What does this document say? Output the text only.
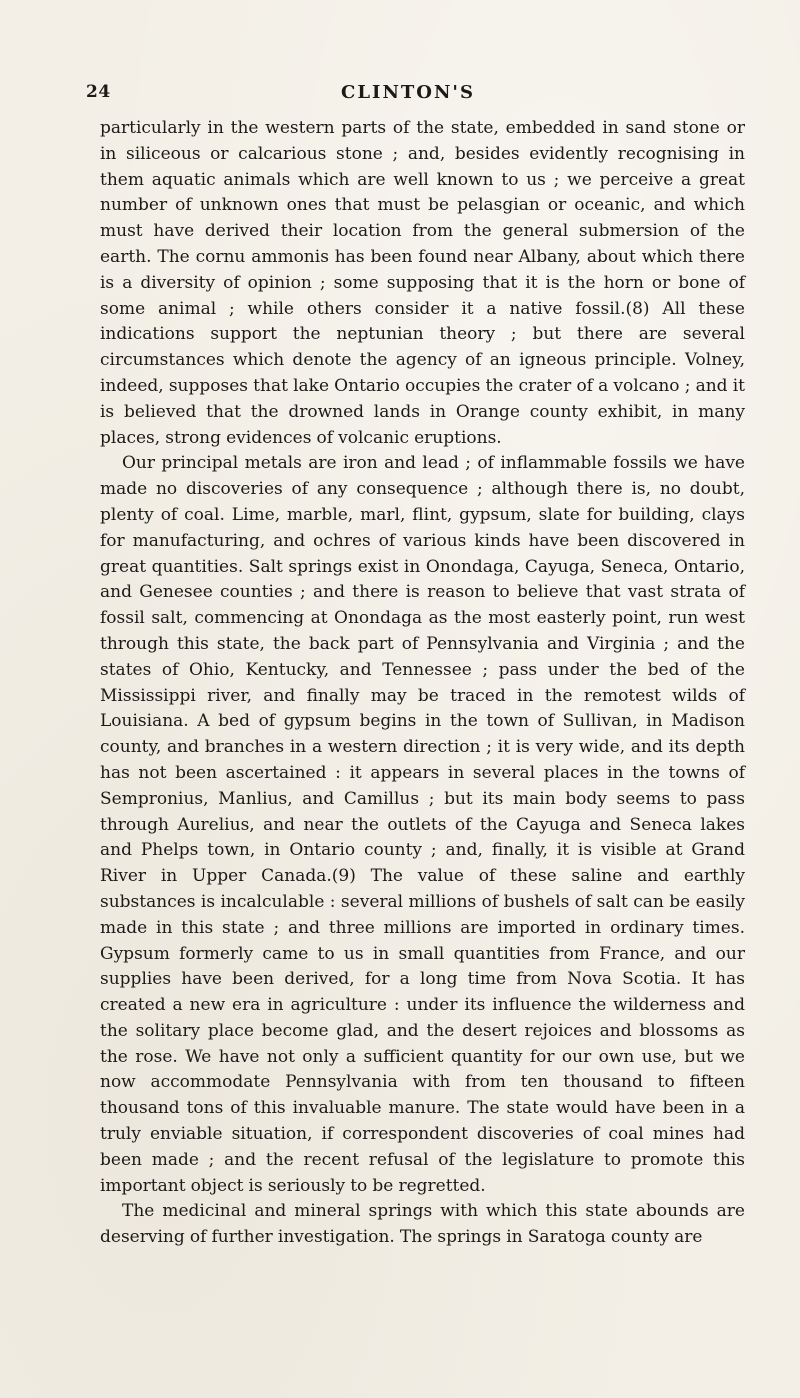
24	CLINTON'S

particularly in the western parts of the state, embedded in sand stone or in siliceous or calcarious stone ; and, besides evidently recognising in them aquatic animals which are well known to us ; we perceive a great number of unknown ones that must be pelasgian or oceanic, and which must have derived their location from the general submersion of the earth. The cornu ammonis has been found near Albany, about which there is a diversity of opinion ; some supposing that it is the horn or bone of some animal ; while others consider it a native fossil.(8) All these indications support the neptunian theory ; but there are several circumstances which denote the agency of an igneous principle. Volney, indeed, supposes that lake Ontario occupies the crater of a volcano ; and it is believed that the drowned lands in Orange county exhibit, in many places, strong evidences of volcanic eruptions.

Our principal metals are iron and lead ; of inflammable fossils we have made no discoveries of any consequence ; although there is, no doubt, plenty of coal. Lime, marble, marl, flint, gypsum, slate for building, clays for manufacturing, and ochres of various kinds have been discovered in great quantities. Salt springs exist in Onondaga, Cayuga, Seneca, Ontario, and Genesee counties ; and there is reason to believe that vast strata of fossil salt, commencing at Onondaga as the most easterly point, run west through this state, the back part of Pennsylvania and Virginia ; and the states of Ohio, Kentucky, and Tennessee ; pass under the bed of the Mississippi river, and finally may be traced in the remotest wilds of Louisiana. A bed of gypsum begins in the town of Sullivan, in Madison county, and branches in a western direction ; it is very wide, and its depth has not been ascertained : it appears in several places in the towns of Sempronius, Manlius, and Camillus ; but its main body seems to pass through Aurelius, and near the outlets of the Cayuga and Seneca lakes and Phelps town, in Ontario county ; and, finally, it is visible at Grand River in Upper Canada.(9) The value of these saline and earthly substances is incalculable : several millions of bushels of salt can be easily made in this state ; and three millions are imported in ordinary times. Gypsum formerly came to us in small quantities from France, and our supplies have been derived, for a long time from Nova Scotia. It has created a new era in agriculture : under its influence the wilderness and the solitary place become glad, and the desert rejoices and blossoms as the rose. We have not only a sufficient quantity for our own use, but we now accommodate Pennsylvania with from ten thousand to fifteen thousand tons of this invaluable manure. The state would have been in a truly enviable situation, if correspondent discoveries of coal mines had been made ; and the recent refusal of the legislature to promote this important object is seriously to be regretted.

The medicinal and mineral springs with which this state abounds are deserving of further investigation. The springs in Saratoga county are
